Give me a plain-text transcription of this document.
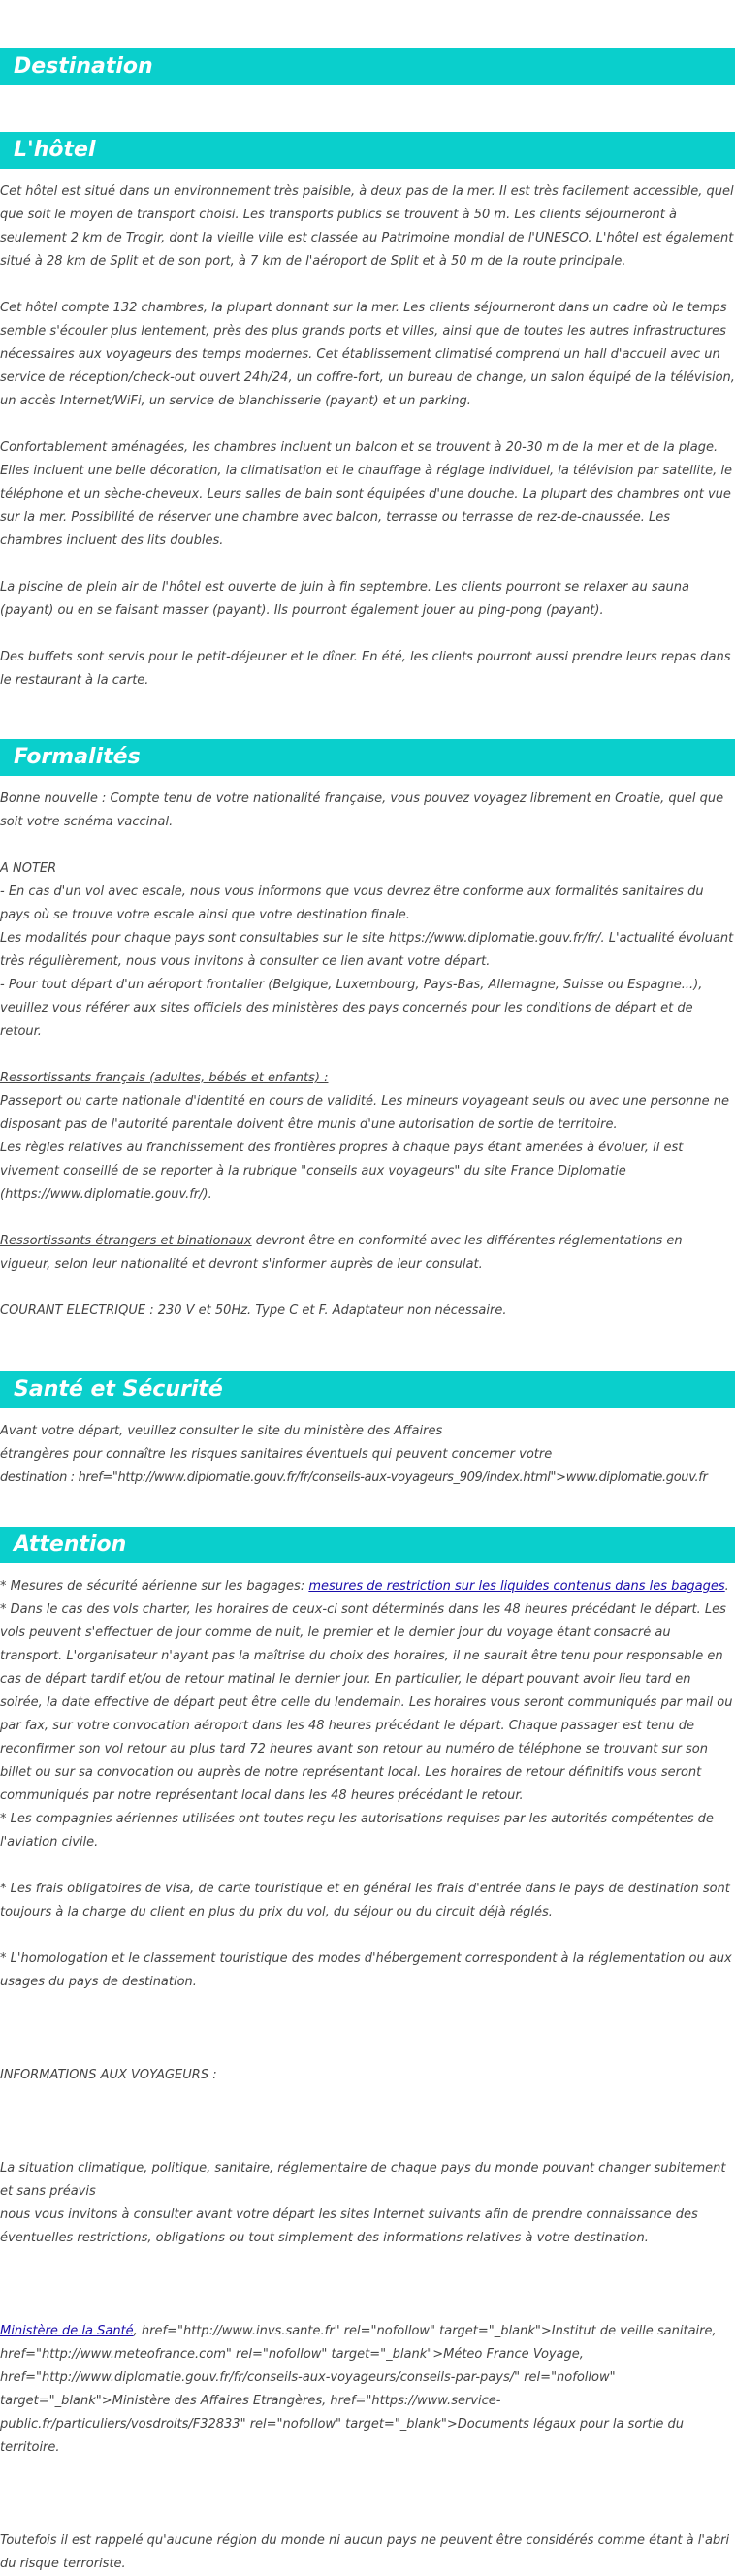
Destination
L'hôtel

Cet hôtel est situé dans un environnement très paisible, à deux pas de la mer. Il est très facilement accessible, quel que soit le moyen de transport choisi. Les transports publics se trouvent à 50 m. Les clients séjourneront à seulement 2 km de Trogir, dont la vieille ville est classée au Patrimoine mondial de l'UNESCO. L'hôtel est également situé à 28 km de Split et de son port, à 7 km de l'aéroport de Split et à 50 m de la route principale.

Cet hôtel compte 132 chambres, la plupart donnant sur la mer. Les clients séjourneront dans un cadre où le temps semble s'écouler plus lentement, près des plus grands ports et villes, ainsi que de toutes les autres infrastructures nécessaires aux voyageurs des temps modernes. Cet établissement climatisé comprend un hall d'accueil avec un service de réception/check-out ouvert 24h/24, un coffre-fort, un bureau de change, un salon équipé de la télévision, un accès Internet/WiFi, un service de blanchisserie (payant) et un parking.

Confortablement aménagées, les chambres incluent un balcon et se trouvent à 20-30 m de la mer et de la plage. Elles incluent une belle décoration, la climatisation et le chauffage à réglage individuel, la télévision par satellite, le téléphone et un sèche-cheveux. Leurs salles de bain sont équipées d'une douche. La plupart des chambres ont vue sur la mer. Possibilité de réserver une chambre avec balcon, terrasse ou terrasse de rez-de-chaussée. Les chambres incluent des lits doubles.

La piscine de plein air de l'hôtel est ouverte de juin à fin septembre. Les clients pourront se relaxer au sauna (payant) ou en se faisant masser (payant). Ils pourront également jouer au ping-pong (payant).

Des buffets sont servis pour le petit-déjeuner et le dîner. En été, les clients pourront aussi prendre leurs repas dans le restaurant à la carte.

Formalités

Bonne nouvelle : Compte tenu de votre nationalité française, vous pouvez voyagez librement en Croatie, quel que soit votre schéma vaccinal.

A NOTER

- En cas d'un vol avec escale, nous vous informons que vous devrez être conforme aux formalités sanitaires du pays où se trouve votre escale ainsi que votre destination finale.

Les modalités pour chaque pays sont consultables sur le site https://www.diplomatie.gouv.fr/fr/. L'actualité évoluant très régulièrement, nous vous invitons à consulter ce lien avant votre départ.

- Pour tout départ d'un aéroport frontalier (Belgique, Luxembourg, Pays-Bas, Allemagne, Suisse ou Espagne...), veuillez vous référer aux sites officiels des ministères des pays concernés pour les conditions de départ et de retour.

Ressortissants français (adultes, bébés et enfants) :

Passeport ou carte nationale d'identité en cours de validité. Les mineurs voyageant seuls ou avec une personne ne disposant pas de l'autorité parentale doivent être munis d'une autorisation de sortie de territoire.

Les règles relatives au franchissement des frontières propres à chaque pays étant amenées à évoluer, il est vivement conseillé de se reporter à la rubrique "conseils aux voyageurs" du site France Diplomatie (https://www.diplomatie.gouv.fr/).

Ressortissants étrangers et binationaux devront être en conformité avec les différentes réglementations en vigueur, selon leur nationalité et devront s'informer auprès de leur consulat.

COURANT ELECTRIQUE : 230 V et 50Hz. Type C et F. Adaptateur non nécessaire.

Santé et Sécurité

Avant votre départ, veuillez consulter le site du ministère des Affaires

étrangères pour connaître les risques sanitaires éventuels qui peuvent concerner votre

destination : href="http://www.diplomatie.gouv.fr/fr/conseils-aux-voyageurs_909/index.html">www.diplomatie.gouv.fr

Attention

* Mesures de sécurité aérienne sur les bagages: mesures de restriction sur les liquides contenus dans les bagages.

* Dans le cas des vols charter, les horaires de ceux-ci sont déterminés dans les 48 heures précédant le départ. Les vols peuvent s'effectuer de jour comme de nuit, le premier et le dernier jour du voyage étant consacré au transport. L'organisateur n'ayant pas la maîtrise du choix des horaires, il ne saurait être tenu pour responsable en cas de départ tardif et/ou de retour matinal le dernier jour. En particulier, le départ pouvant avoir lieu tard en soirée, la date effective de départ peut être celle du lendemain. Les horaires vous seront communiqués par mail ou par fax, sur votre convocation aéroport dans les 48 heures précédant le départ. Chaque passager est tenu de reconfirmer son vol retour au plus tard 72 heures avant son retour au numéro de téléphone se trouvant sur son billet ou sur sa convocation ou auprès de notre représentant local. Les horaires de retour définitifs vous seront communiqués par notre représentant local dans les 48 heures précédant le retour.

* Les compagnies aériennes utilisées ont toutes reçu les autorisations requises par les autorités compétentes de l'aviation civile.

* Les frais obligatoires de visa, de carte touristique et en général les frais d'entrée dans le pays de destination sont toujours à la charge du client en plus du prix du vol, du séjour ou du circuit déjà réglés.

* L'homologation et le classement touristique des modes d'hébergement correspondent à la réglementation ou aux usages du pays de destination.

INFORMATIONS AUX VOYAGEURS :

La situation climatique, politique, sanitaire, réglementaire de chaque pays du monde pouvant changer subitement et sans préavis

nous vous invitons à consulter avant votre départ les sites Internet suivants afin de prendre connaissance des éventuelles restrictions, obligations ou tout simplement des informations relatives à votre destination.

Ministère de la Santé, href="http://www.invs.sante.fr" rel="nofollow" target="_blank">Institut de veille sanitaire, href="http://www.meteofrance.com" rel="nofollow" target="_blank">Méteo France Voyage, href="http://www.diplomatie.gouv.fr/fr/conseils-aux-voyageurs/conseils-par-pays/" rel="nofollow" target="_blank">Ministère des Affaires Etrangères, href="https://www.service-public.fr/particuliers/vosdroits/F32833" rel="nofollow" target="_blank">Documents légaux pour la sortie du territoire.

Toutefois il est rappelé qu'aucune région du monde ni aucun pays ne peuvent être considérés comme étant à l'abri du risque terroriste.
